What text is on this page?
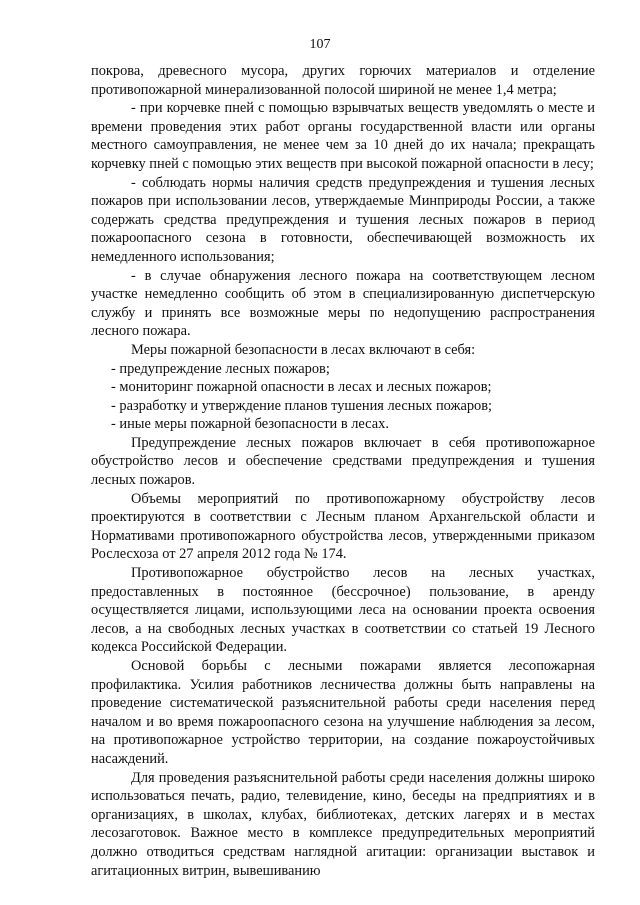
107

покрова, древесного мусора, других горючих материалов и отделение противопожарной минерализованной полосой шириной не менее 1,4 метра;

- при корчевке пней с помощью взрывчатых веществ уведомлять о месте и времени проведения этих работ органы государственной власти или органы местного самоуправления, не менее чем за 10 дней до их начала; прекращать корчевку пней с помощью этих веществ при высокой пожарной опасности в лесу;

- соблюдать нормы наличия средств предупреждения и тушения лесных пожаров при использовании лесов, утверждаемые Минприроды России, а также содержать средства предупреждения и тушения лесных пожаров в период пожароопасного сезона в готовности, обеспечивающей возможность их немедленного использования;

- в случае обнаружения лесного пожара на соответствующем лесном участке немедленно сообщить об этом в специализированную диспетчерскую службу и принять все возможные меры по недопущению распространения лесного пожара.

Меры пожарной безопасности в лесах включают в себя:

- предупреждение лесных пожаров;

- мониторинг пожарной опасности в лесах и лесных пожаров;

- разработку и утверждение планов тушения лесных пожаров;

- иные меры пожарной безопасности в лесах.

Предупреждение лесных пожаров включает в себя противопожарное обустройство лесов и обеспечение средствами предупреждения и тушения лесных пожаров.

Объемы мероприятий по противопожарному обустройству лесов проектируются в соответствии с Лесным планом Архангельской области и Нормативами противопожарного обустройства лесов, утвержденными приказом Рослесхоза от 27 апреля 2012 года № 174.

Противопожарное обустройство лесов на лесных участках, предоставленных в постоянное (бессрочное) пользование, в аренду осуществляется лицами, использующими леса на основании проекта освоения лесов, а на свободных лесных участках в соответствии со статьей 19 Лесного кодекса Российской Федерации.

Основой борьбы с лесными пожарами является лесопожарная профилактика. Усилия работников лесничества должны быть направлены на проведение систематической разъяснительной работы среди населения перед началом и во время пожароопасного сезона на улучшение наблюдения за лесом, на противопожарное устройство территории, на создание пожароустойчивых насаждений.

Для проведения разъяснительной работы среди населения должны широко использоваться печать, радио, телевидение, кино, беседы на предприятиях и в организациях, в школах, клубах, библиотеках, детских лагерях и в местах лесозаготовок. Важное место в комплексе предупредительных мероприятий должно отводиться средствам наглядной агитации: организации выставок и агитационных витрин, вывешиванию
